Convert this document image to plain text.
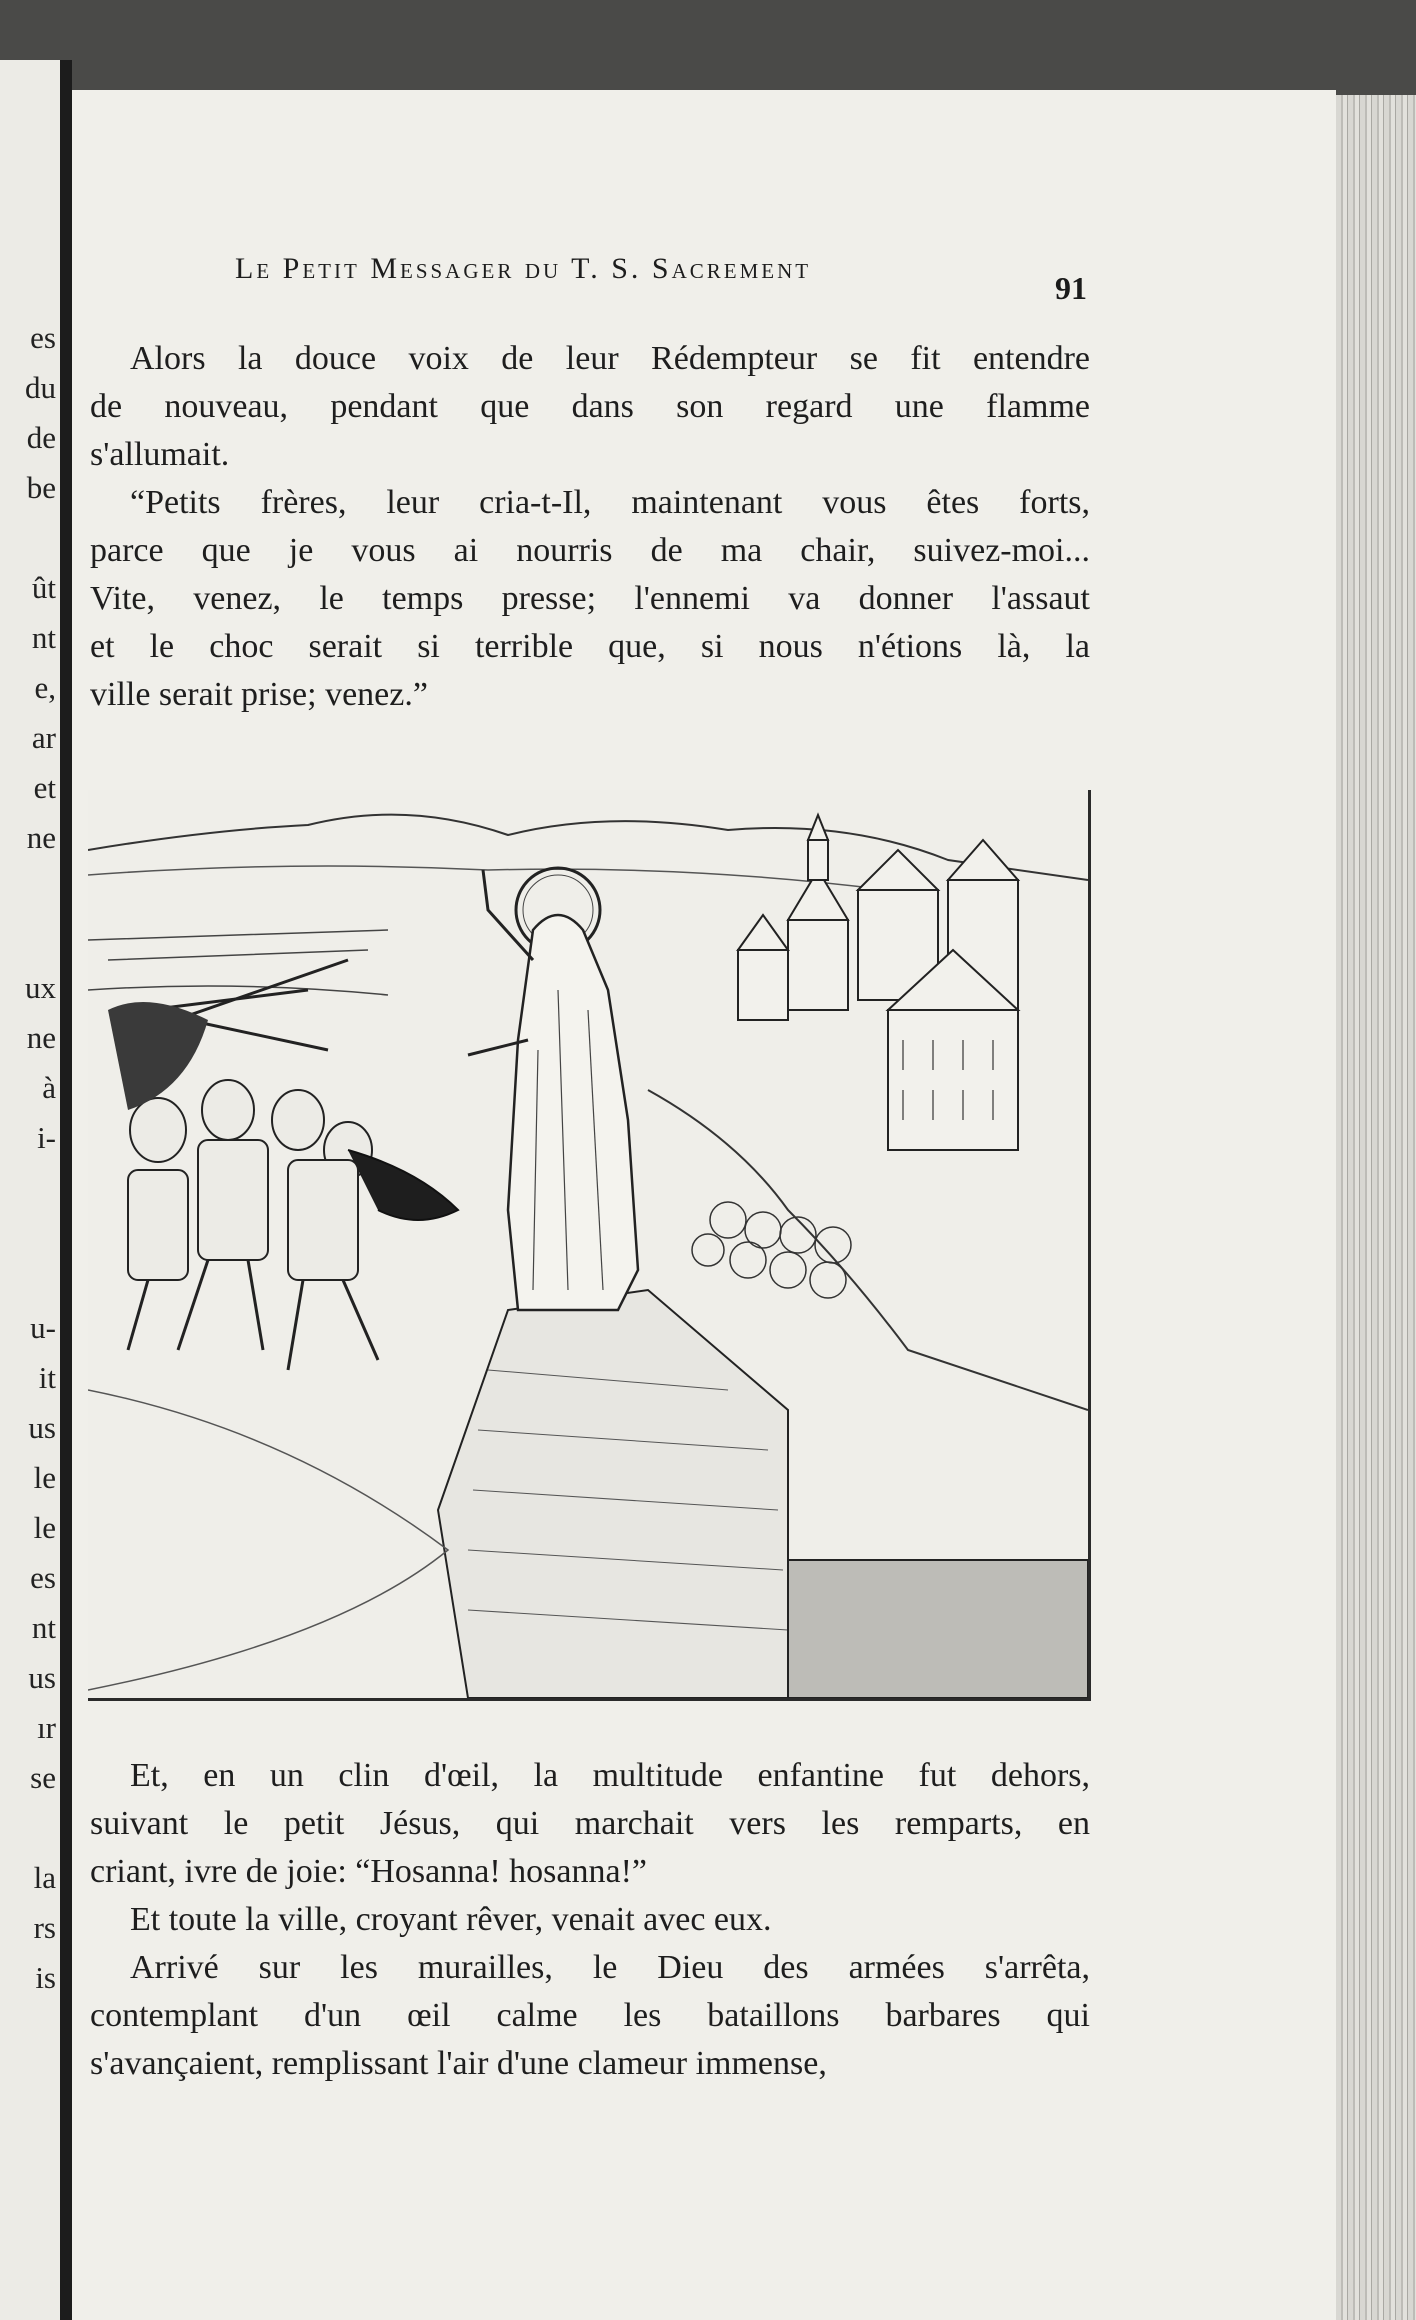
es
du
de
be
ût
nt
e,
ar
et
ne
ux
ne
à
i-
u-
it
us
le
le
es
nt
us
ır
se
la
rs
is
Le Petit Messager du T. S. Sacrement
91
Alors la douce voix de leur Rédempteur se fit entendre
de nouveau, pendant que dans son regard une flamme
s'allumait.
“Petits frères, leur cria-t-Il, maintenant vous êtes forts,
parce que je vous ai nourris de ma chair, suivez-moi...
Vite, venez, le temps presse; l'ennemi va donner l'assaut
et le choc serait si terrible que, si nous n'étions là, la
ville serait prise; venez.”
Et, en un clin d'œil, la multitude enfantine fut dehors,
suivant le petit Jésus, qui marchait vers les remparts, en
criant, ivre de joie: “Hosanna! hosanna!”
Et toute la ville, croyant rêver, venait avec eux.
Arrivé sur les murailles, le Dieu des armées s'arrêta,
contemplant d'un œil calme les bataillons barbares qui
s'avançaient, remplissant l'air d'une clameur immense,
